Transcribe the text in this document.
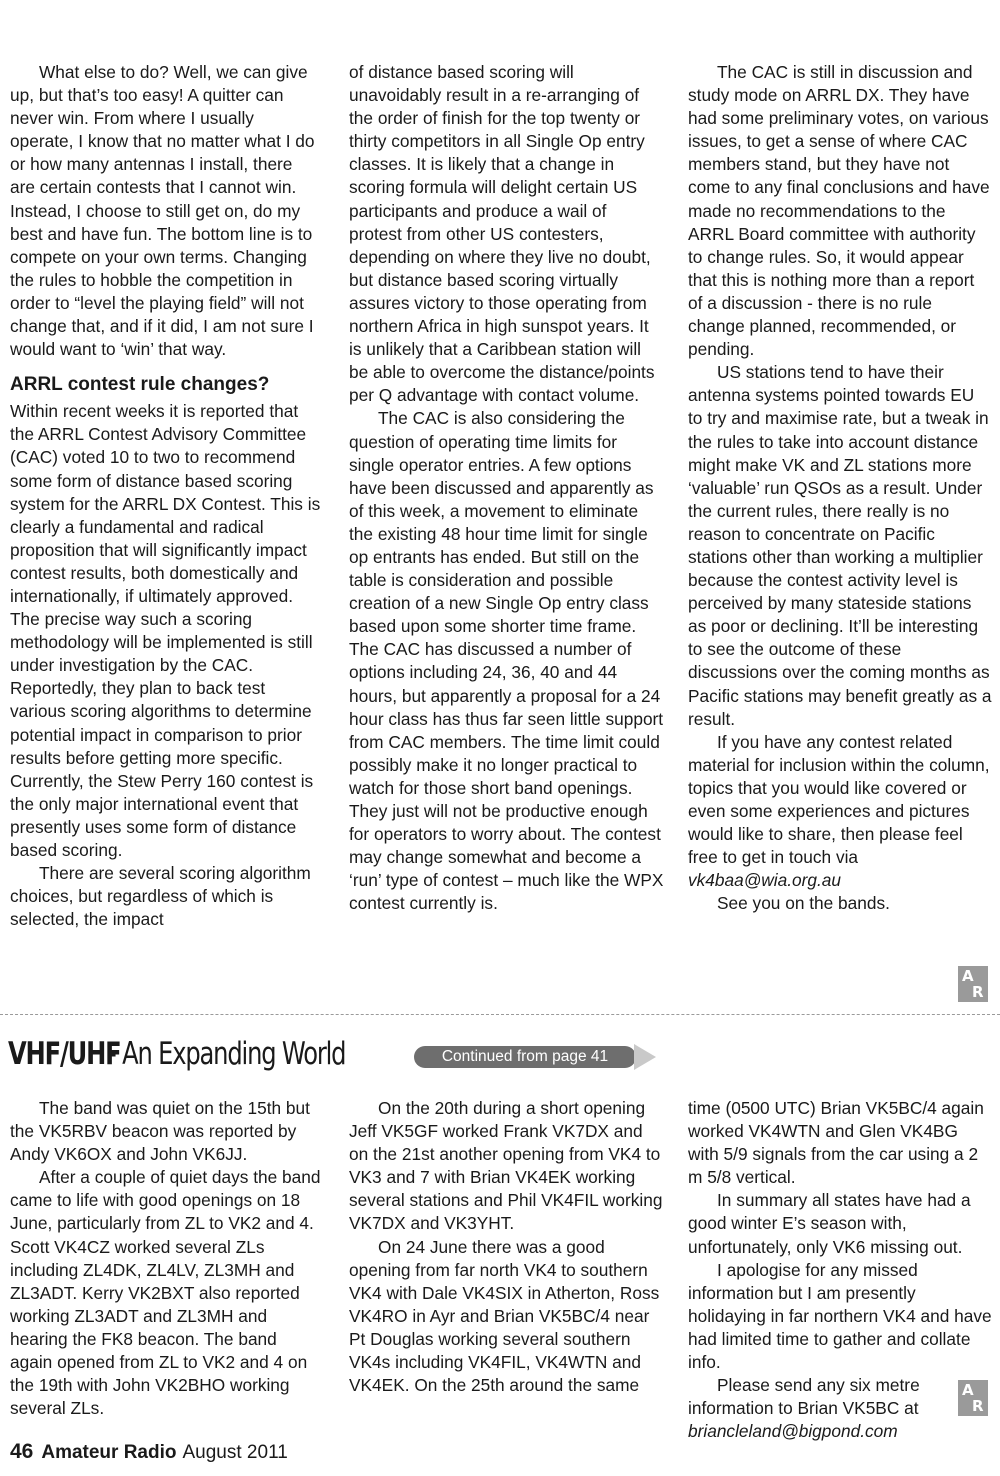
What else to do? Well, we can give up, but that’s too easy! A quitter can never win. From where I usually operate, I know that no matter what I do or how many antennas I install, there are certain contests that I cannot win. Instead, I choose to still get on, do my best and have fun. The bottom line is to compete on your own terms. Changing the rules to hobble the competition in order to “level the playing field” will not change that, and if it did, I am not sure I would want to ‘win’ that way.

ARRL contest rule changes?

Within recent weeks it is reported that the ARRL Contest Advisory Committee (CAC) voted 10 to two to recommend some form of distance based scoring system for the ARRL DX Contest. This is clearly a fundamental and radical proposition that will significantly impact contest results, both domestically and internationally, if ultimately approved. The precise way such a scoring methodology will be implemented is still under investigation by the CAC. Reportedly, they plan to back test various scoring algorithms to determine potential impact in comparison to prior results before getting more specific. Currently, the Stew Perry 160 contest is the only major international event that presently uses some form of distance based scoring.

There are several scoring algorithm choices, but regardless of which is selected, the impact

of distance based scoring will unavoidably result in a re-arranging of the order of finish for the top twenty or thirty competitors in all Single Op entry classes. It is likely that a change in scoring formula will delight certain US participants and produce a wail of protest from other US contesters, depending on where they live no doubt, but distance based scoring virtually assures victory to those operating from northern Africa in high sunspot years. It is unlikely that a Caribbean station will be able to overcome the distance/points per Q advantage with contact volume.

The CAC is also considering the question of operating time limits for single operator entries. A few options have been discussed and apparently as of this week, a movement to eliminate the existing 48 hour time limit for single op entrants has ended. But still on the table is consideration and possible creation of a new Single Op entry class based upon some shorter time frame. The CAC has discussed a number of options including 24, 36, 40 and 44 hours, but apparently a proposal for a 24 hour class has thus far seen little support from CAC members. The time limit could possibly make it no longer practical to watch for those short band openings. They just will not be productive enough for operators to worry about. The contest may change somewhat and become a ‘run’ type of contest – much like the WPX contest currently is.

The CAC is still in discussion and study mode on ARRL DX. They have had some preliminary votes, on various issues, to get a sense of where CAC members stand, but they have not come to any final conclusions and have made no recommendations to the ARRL Board committee with authority to change rules. So, it would appear that this is nothing more than a report of a discussion - there is no rule change planned, recommended, or pending.

US stations tend to have their antenna systems pointed towards EU to try and maximise rate, but a tweak in the rules to take into account distance might make VK and ZL stations more ‘valuable’ run QSOs as a result. Under the current rules, there really is no reason to concentrate on Pacific stations other than working a multiplier because the contest activity level is perceived by many stateside stations as poor or declining. It’ll be interesting to see the outcome of these discussions over the coming months as Pacific stations may benefit greatly as a result.

If you have any contest related material for inclusion within the column, topics that you would like covered or even some experiences and pictures would like to share, then please feel free to get in touch via

vk4baa@wia.org.au

See you on the bands.

A
R
VHF/UHF
- An Expanding World	Continued from page 41

The band was quiet on the 15th but the VK5RBV beacon was reported by Andy VK6OX and John VK6JJ.

After a couple of quiet days the band came to life with good openings on 18 June, particularly from ZL to VK2 and 4. Scott VK4CZ worked several ZLs including ZL4DK, ZL4LV, ZL3MH and ZL3ADT. Kerry VK2BXT also reported working ZL3ADT and ZL3MH and hearing the FK8 beacon. The band again opened from ZL to VK2 and 4 on the 19th with John VK2BHO working several ZLs.

On the 20th during a short opening Jeff VK5GF worked Frank VK7DX and on the 21st another opening from VK4 to VK3 and 7 with Brian VK4EK working several stations and Phil VK4FIL working VK7DX and VK3YHT.

On 24 June there was a good opening from far north VK4 to southern VK4 with Dale VK4SIX in Atherton, Ross VK4RO in Ayr and Brian VK5BC/4 near Pt Douglas working several southern VK4s including VK4FIL, VK4WTN and VK4EK. On the 25th around the same

time (0500 UTC) Brian VK5BC/4 again worked VK4WTN and Glen VK4BG with 5/9 signals from the car using a 2 m 5/8 vertical.

In summary all states have had a good winter E’s season with, unfortunately, only VK6 missing out.

I apologise for any missed information but I am presently holidaying in far northern VK4 and have had limited time to gather and collate info.

Please send any six metre information to Brian VK5BC at

briancleland@bigpond.com

A
R
46 Amateur Radio August 2011
